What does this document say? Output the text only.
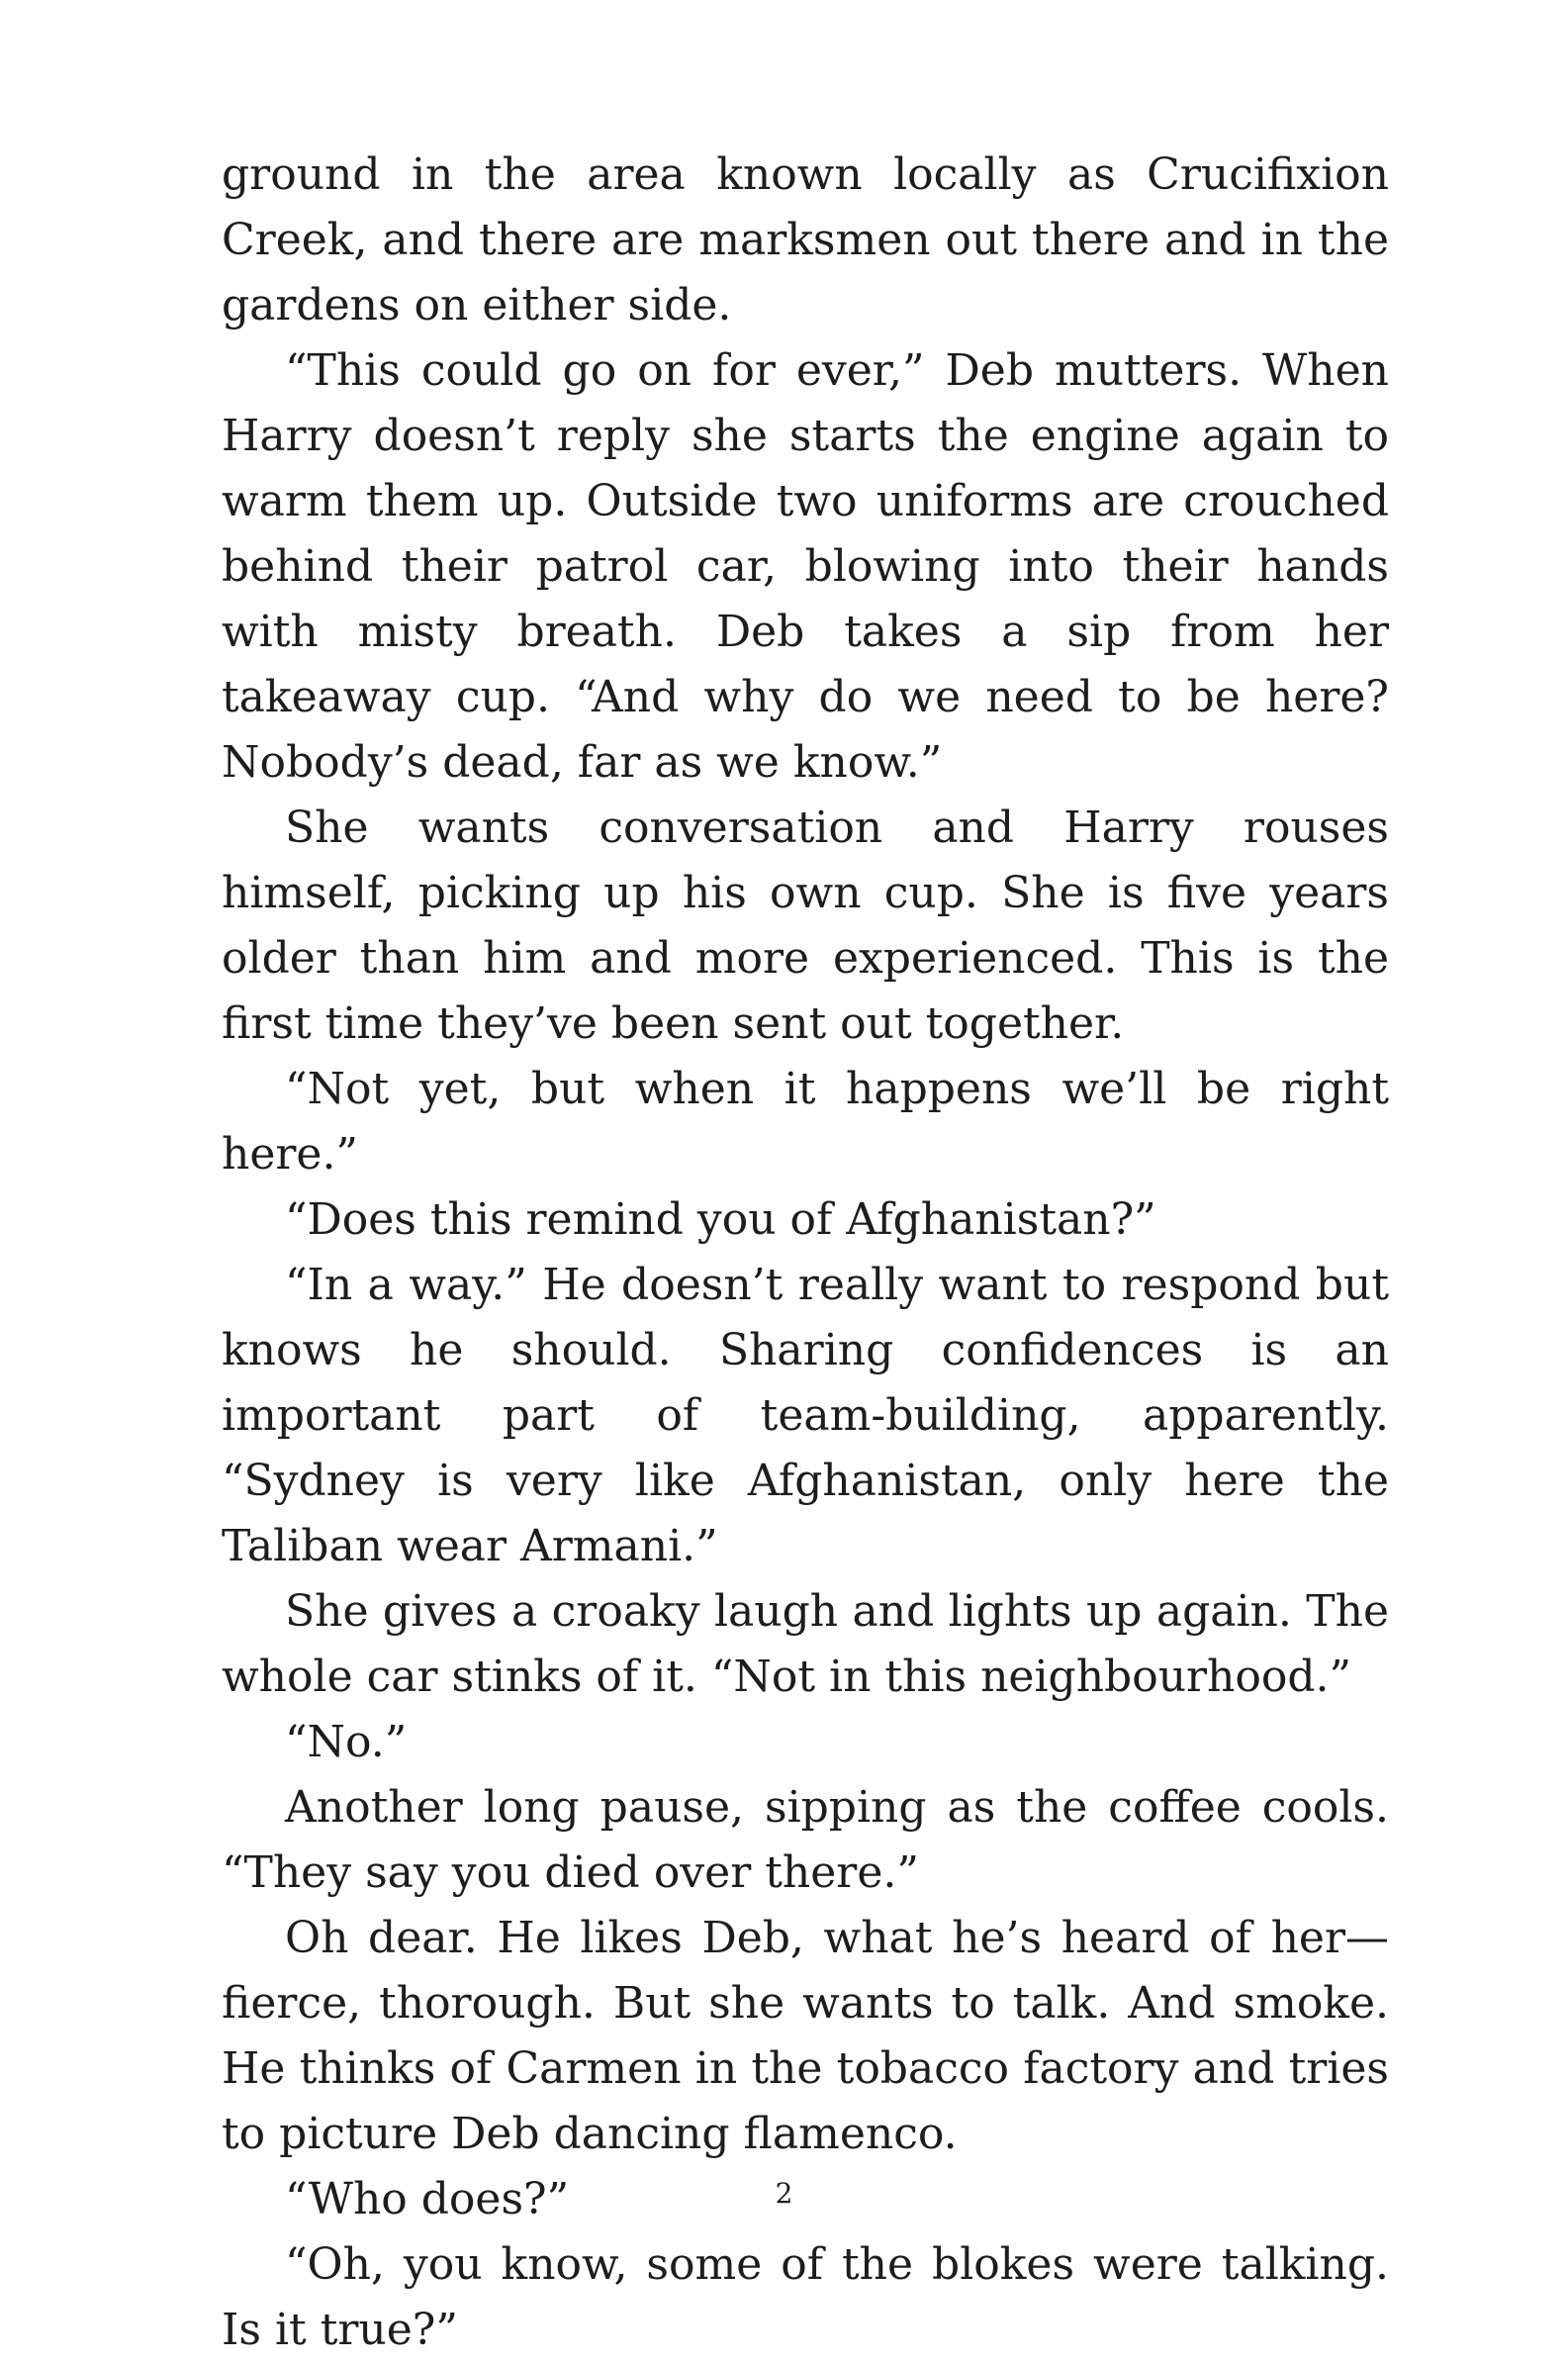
ground in the area known locally as Crucifixion Creek, and there are marksmen out there and in the gardens on either side.

“This could go on for ever,” Deb mutters. When Harry doesn’t reply she starts the engine again to warm them up. Outside two uniforms are crouched behind their patrol car, blowing into their hands with misty breath. Deb takes a sip from her takeaway cup. “And why do we need to be here? Nobody’s dead, far as we know.”

She wants conversation and Harry rouses himself, picking up his own cup. She is five years older than him and more experienced. This is the first time they’ve been sent out together.

“Not yet, but when it happens we’ll be right here.”

“Does this remind you of Afghanistan?”

“In a way.” He doesn’t really want to respond but knows he should. Sharing confidences is an important part of team-building, apparently. “Sydney is very like Afghanistan, only here the Taliban wear Armani.”

She gives a croaky laugh and lights up again. The whole car stinks of it. “Not in this neighbourhood.”

“No.”

Another long pause, sipping as the coffee cools. “They say you died over there.”

Oh dear. He likes Deb, what he’s heard of her—fierce, thorough. But she wants to talk. And smoke. He thinks of Carmen in the tobacco factory and tries to picture Deb dancing flamenco.

“Who does?”

“Oh, you know, some of the blokes were talking. Is it true?”

2
